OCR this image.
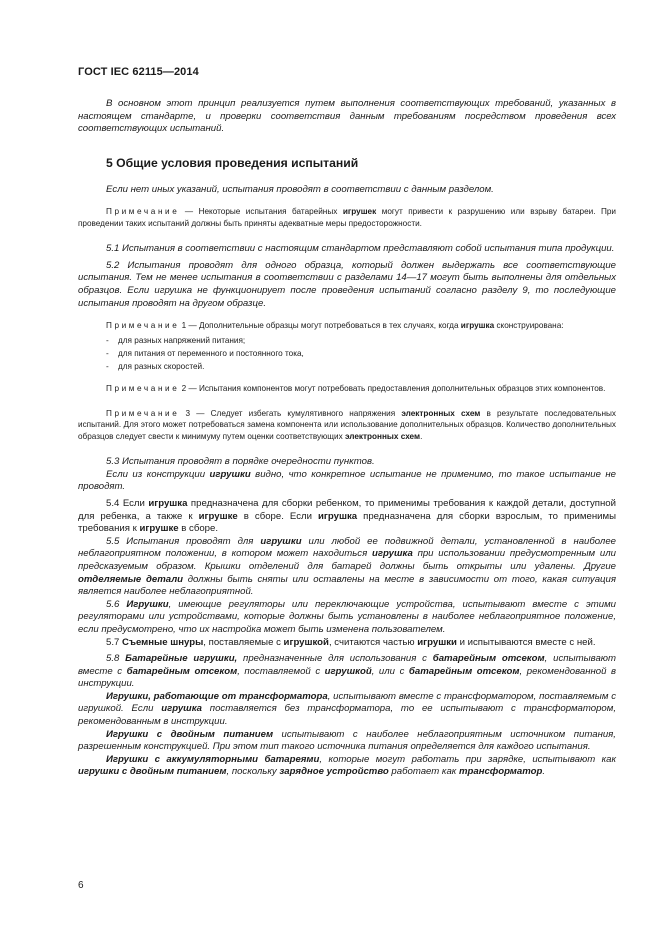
ГОСТ IEC 62115—2014

В основном этот принцип реализуется путем выполнения соответствующих требований, указанных в настоящем стандарте, и проверки соответствия данным требованиям посредством проведения всех соответствующих испытаний.

5 Общие условия проведения испытаний

Если нет иных указаний, испытания проводят в соответствии с данным разделом.

Примечание — Некоторые испытания батарейных игрушек могут привести к разрушению или взрыву батареи. При проведении таких испытаний должны быть приняты адекватные меры предосторожности.

5.1 Испытания в соответствии с настоящим стандартом представляют собой испытания типа продукции.

5.2 Испытания проводят для одного образца, который должен выдержать все соответствующие испытания. Тем не менее испытания в соответствии с разделами 14—17 могут быть выполнены для отдельных образцов. Если игрушка не функционирует после проведения испытаний согласно разделу 9, то последующие испытания проводят на другом образце.

Примечание 1 — Дополнительные образцы могут потребоваться в тех случаях, когда игрушка сконструирована:

- для разных напряжений питания;
- для питания от переменного и постоянного тока,
- для разных скоростей.

Примечание 2 — Испытания компонентов могут потребовать предоставления дополнительных образцов этих компонентов.

Примечание 3 — Следует избегать кумулятивного напряжения электронных схем в результате последовательных испытаний. Для этого может потребоваться замена компонента или использование дополнительных образцов. Количество дополнительных образцов следует свести к минимуму путем оценки соответствующих электронных схем.

5.3 Испытания проводят в порядке очередности пунктов.

Если из конструкции игрушки видно, что конкретное испытание не применимо, то такое испытание не проводят.

5.4 Если игрушка предназначена для сборки ребенком, то применимы требования к каждой детали, доступной для ребенка, а также к игрушке в сборе. Если игрушка предназначена для сборки взрослым, то применимы требования к игрушке в сборе.

5.5 Испытания проводят для игрушки или любой ее подвижной детали, установленной в наиболее неблагоприятном положении, в котором может находиться игрушка при использовании предусмотренным или предсказуемым образом. Крышки отделений для батарей должны быть открыты или удалены. Другие отделяемые детали должны быть сняты или оставлены на месте в зависимости от того, какая ситуация является наиболее неблагоприятной.

5.6 Игрушки, имеющие регуляторы или переключающие устройства, испытывают вместе с этими регуляторами или устройствами, которые должны быть установлены в наиболее неблагоприятное положение, если предусмотрено, что их настройка может быть изменена пользователем.

5.7 Съемные шнуры, поставляемые с игрушкой, считаются частью игрушки и испытываются вместе с ней.

5.8 Батарейные игрушки, предназначенные для использования с батарейным отсеком, испытывают вместе с батарейным отсеком, поставляемой с игрушкой, или с батарейным отсеком, рекомендованной в инструкции.

Игрушки, работающие от трансформатора, испытывают вместе с трансформатором, поставляемым с игрушкой. Если игрушка поставляется без трансформатора, то ее испытывают с трансформатором, рекомендованным в инструкции.

Игрушки с двойным питанием испытывают с наиболее неблагоприятным источником питания, разрешенным конструкцией. При этом тип такого источника питания определяется для каждого испытания.

Игрушки с аккумуляторными батареями, которые могут работать при зарядке, испытывают как игрушки с двойным питанием, поскольку зарядное устройство работает как трансформатор.

6
